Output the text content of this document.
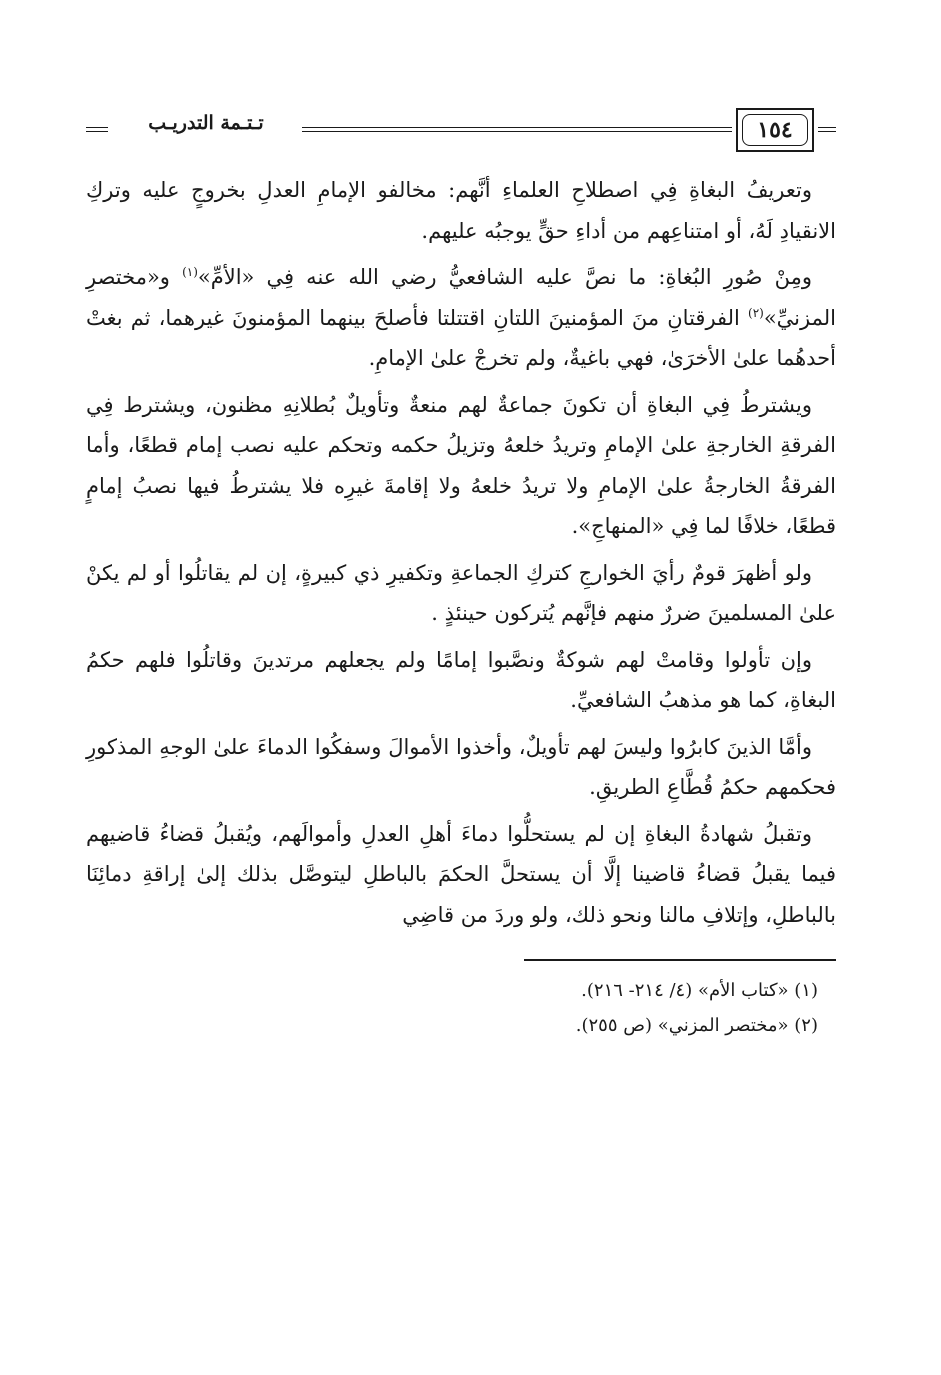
١٥٤
تـتـمة التدريـب

وتعريفُ البغاةِ فِي اصطلاحِ العلماءِ أنَّهم: مخالفو الإمامِ العدلِ بخروجٍ عليه وتركِ الانقيادِ لَهُ، أو امتناعِهم من أداءِ حقٍّ يوجبُه عليهم.

ومِنْ صُورِ البُغاةِ: ما نصَّ عليه الشافعيُّ رضي الله عنه فِي «الأمِّ»$^{(١)}$ و«مختصرِ المزنيِّ»$^{(٢)}$ الفرقتانِ منَ المؤمنينَ اللتانِ اقتتلتا فأصلحَ بينهما المؤمنونَ غيرهما، ثم بغتْ أحدهُما علىٰ الأخرَىٰ، فهي باغيةٌ، ولم تخرجْ علىٰ الإمامِ.

ويشترطُ فِي البغاةِ أن تكونَ جماعةٌ لهم منعةٌ وتأويلٌ بُطلانِهِ مظنون، ويشترط فِي الفرقةِ الخارجةِ علىٰ الإمامِ وتريدُ خلعهُ وتزيلُ حكمه وتحكم عليه نصب إمام قطعًا، وأما الفرقةُ الخارجةُ علىٰ الإمامِ ولا تريدُ خلعهُ ولا إقامةَ غيرِه فلا يشترطُ فيها نصبُ إمامٍ قطعًا، خلافًا لما فِي «المنهاجِ».

ولو أظهرَ قومٌ رأيَ الخوارجِ كتركِ الجماعةِ وتكفيرِ ذي كبيرةٍ، إن لم يقاتلُوا أو لم يكنْ علىٰ المسلمينَ ضررٌ منهم فإنَّهم يُتركون حينئذٍ .

وإن تأولوا وقامتْ لهم شوكةٌ ونصَّبوا إمامًا ولم يجعلهم مرتدينَ وقاتلُوا فلهم حكمُ البغاةِ، كما هو مذهبُ الشافعيِّ.

وأمَّا الذينَ كابرُوا وليسَ لهم تأويلٌ، وأخذوا الأموالَ وسفكُوا الدماءَ علىٰ الوجهِ المذكورِ فحكمهم حكمُ قُطَّاعِ الطريقِ.

وتقبلُ شهادةُ البغاةِ إن لم يستحلُّوا دماءَ أهلِ العدلِ وأموالَهم، ويُقبلُ قضاءُ قاضيهم فيما يقبلُ قضاءُ قاضينا إلَّا أن يستحلَّ الحكمَ بالباطلِ ليتوصَّل بذلك إلىٰ إراقةِ دمائِنَا بالباطلِ، وإتلافِ مالنا ونحو ذلك، ولو وردَ من قاضِي

(١) «كتاب الأم» (٤/ ٢١٤- ٢١٦).

(٢) «مختصر المزني» (ص ٢٥٥).
